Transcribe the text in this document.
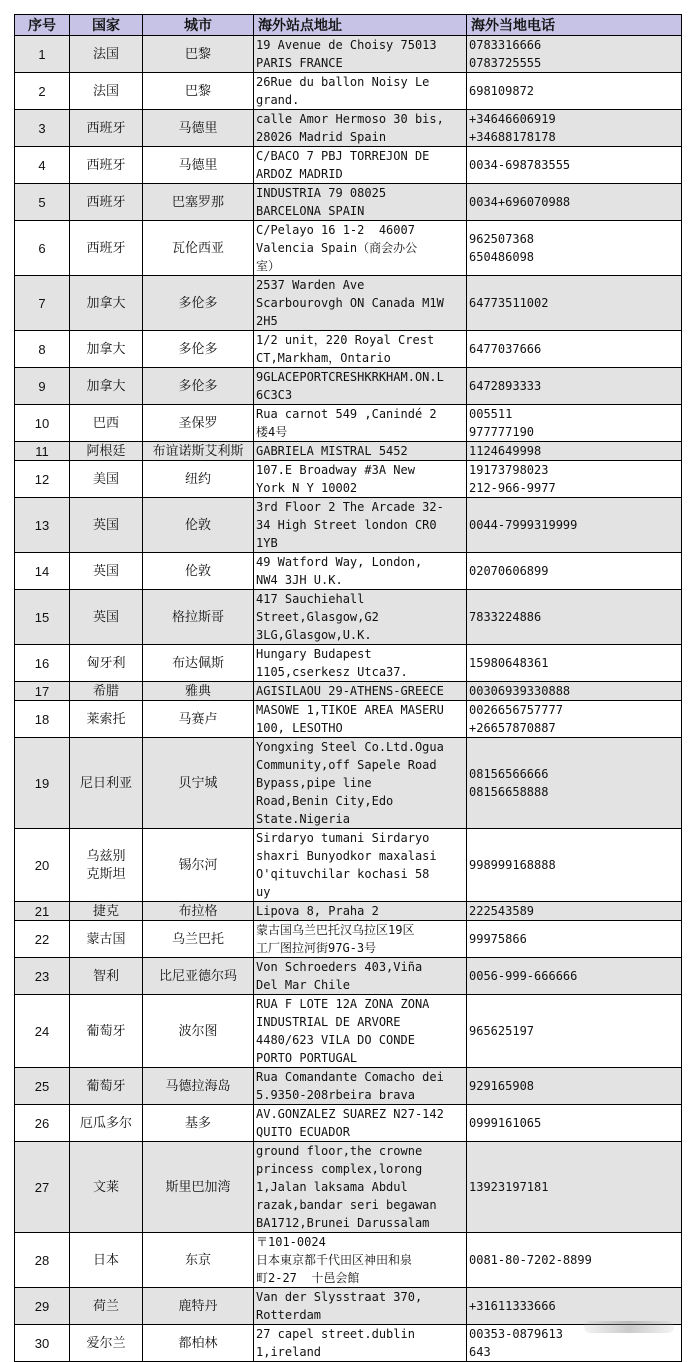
序号	国家	城市	海外站点地址	海外当地电话
1	法国	巴黎	19 Avenue de Choisy 75013
PARIS FRANCE	0783316666
0783725555

2	法国	巴黎	26Rue du ballon Noisy Le
grand.	698109872

3	西班牙	马德里	calle Amor Hermoso 30 bis,
28026 Madrid Spain	+34646606919
+34688178178

4	西班牙	马德里	C/BACO 7 PBJ TORREJON DE
ARDOZ MADRID	0034-698783555

5	西班牙	巴塞罗那	INDUSTRIA 79 08025
BARCELONA SPAIN	0034+696070988

6	西班牙	瓦伦西亚	C/Pelayo 16 1-2  46007
Valencia Spain（商会办公
室）	962507368
650486098

7	加拿大	多伦多	2537 Warden Ave
Scarbourovgh ON Canada M1W
2H5	64773511002

8	加拿大	多伦多	1/2 unit，220 Royal Crest
CT,Markham，Ontario	6477037666

9	加拿大	多伦多	9GLACEPORTCRESHKRKHAM.ON.L
6C3C3	6472893333

10	巴西	圣保罗	Rua carnot 549 ,Canindé 2
楼4号	005511
977777190

11	阿根廷	布谊诺斯艾利斯	GABRIELA MISTRAL 5452	1124649998

12	美国	纽约	107.E Broadway #3A New
York N Y 10002	19173798023
212-966-9977

13	英国	伦敦	3rd Floor 2 The Arcade 32-
34 High Street london CR0
1YB	0044-7999319999

14	英国	伦敦	49 Watford Way, London,
NW4 3JH U.K.	02070606899

15	英国	格拉斯哥	417 Sauchiehall
Street,Glasgow,G2
3LG,Glasgow,U.K.	7833224886

16	匈牙利	布达佩斯	Hungary Budapest
1105,cserkesz Utca37.	15980648361

17	希腊	雅典	AGISILAOU 29-ATHENS-GREECE	00306939330888

18	莱索托	马赛卢	MASOWE 1,TIKOE AREA MASERU
100, LESOTHO	0026656757777
+26657870887

19	尼日利亚	贝宁城	Yongxing Steel Co.Ltd.Ogua
Community,off Sapele Road
Bypass,pipe line
Road,Benin City,Edo
State.Nigeria	08156566666
08156658888

20	乌兹别
克斯坦	锡尔河	Sirdaryo tumani Sirdaryo
shaxri Bunyodkor maxalasi
O'qituvchilar kochasi 58
uy	998999168888

21	捷克	布拉格	Lipova 8, Praha 2	222543589

22	蒙古国	乌兰巴托	蒙古国乌兰巴托汉乌拉区19区
工厂图拉河街97G-3号	99975866

23	智利	比尼亚德尔玛	Von Schroeders 403,Viña
Del Mar Chile	0056-999-666666

24	葡萄牙	波尔图	RUA F LOTE 12A ZONA ZONA
INDUSTRIAL DE ARVORE
4480/623 VILA DO CONDE
PORTO PORTUGAL	965625197

25	葡萄牙	马德拉海岛	Rua Comandante Comacho dei
5.9350-208rbeira brava	929165908

26	厄瓜多尔	基多	AV.GONZALEZ SUAREZ N27-142
QUITO ECUADOR	0999161065

27	文莱	斯里巴加湾	ground floor,the crowne
princess complex,lorong
1,Jalan laksama Abdul
razak,bandar seri begawan
BA1712,Brunei Darussalam	13923197181

28	日本	东京	〒101-0024
日本東京都千代田区神田和泉
町2-27  十邑会館	0081-80-7202-8899

29	荷兰	鹿特丹	Van der Slysstraat 370,
Rotterdam	+31611333666

30	爱尔兰	都柏林	27 capel street.dublin
1,ireland	00353-0879613
643
